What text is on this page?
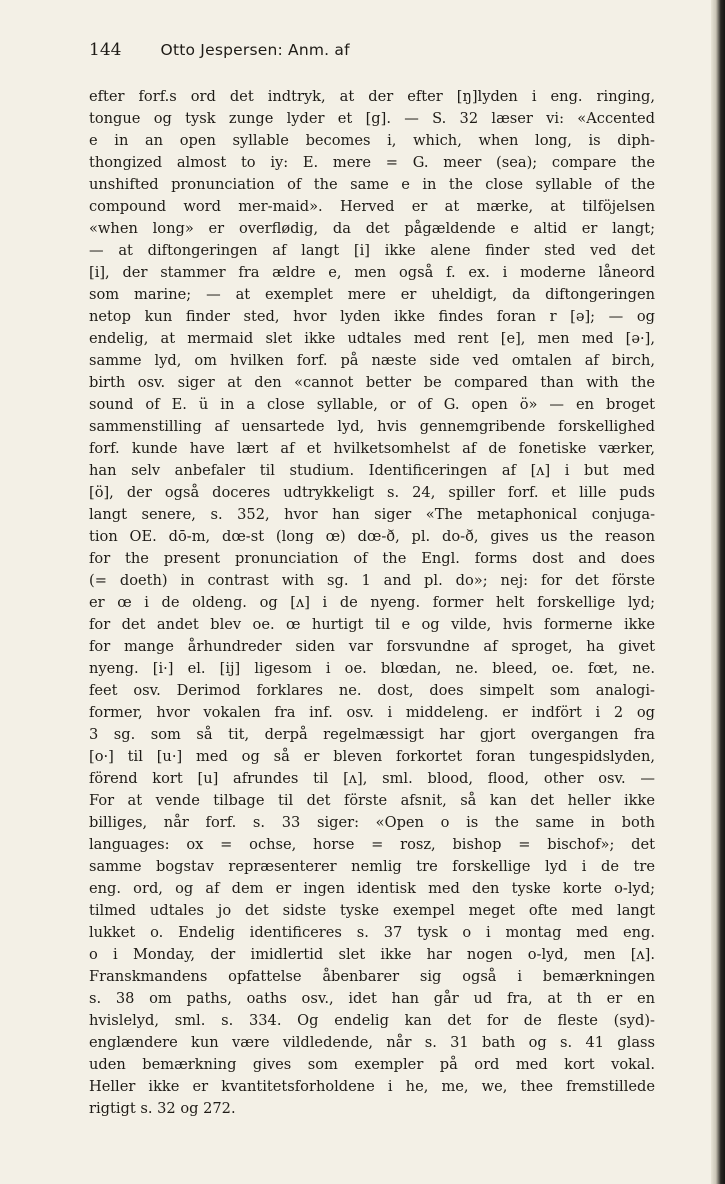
144	Otto Jespersen: Anm. af
efter forf.s ord det indtryk, at der efter [ŋ]lyden i eng. ringing,
tongue og tysk zunge lyder et [g]. — S. 32 læser vi: «Accented
e in an open syllable becomes i, which, when long, is diph-
thongized almost to iy: E. mere = G. meer (sea); compare the
unshifted pronunciation of the same e in the close syllable of the
compound word mer-maid». Herved er at mærke, at tilföjelsen
«when long» er overflødig, da det pågældende e altid er langt;
— at diftongeringen af langt [i] ikke alene finder sted ved det
[i], der stammer fra ældre e, men også f. ex. i moderne låneord
som marine; — at exemplet mere er uheldigt, da diftongeringen
netop kun finder sted, hvor lyden ikke findes foran r [ə]; — og
endelig, at mermaid slet ikke udtales med rent [e], men med [ə·],
samme lyd, om hvilken forf. på næste side ved omtalen af birch,
birth osv. siger at den «cannot better be compared than with the
sound of E. ü in a close syllable, or of G. open ö» — en broget
sammenstilling af uensartede lyd, hvis gennemgribende forskellighed
forf. kunde have lært af et hvilketsomhelst af de fonetiske værker,
han selv anbefaler til studium. Identificeringen af [ʌ] i but med
[ö], der også doceres udtrykkeligt s. 24, spiller forf. et lille puds
langt senere, s. 352, hvor han siger «The metaphonical conjuga-
tion OE. dō-m, dœ-st (long œ) dœ-ð, pl. do-ð, gives us the reason
for the present pronunciation of the Engl. forms dost and does
(= doeth) in contrast with sg. 1 and pl. do»; nej: for det förste
er œ i de oldeng. og [ʌ] i de nyeng. former helt forskellige lyd;
for det andet blev oe. œ hurtigt til e og vilde, hvis formerne ikke
for mange århundreder siden var forsvundne af sproget, ha givet
nyeng. [i·] el. [ij] ligesom i oe. blœdan, ne. bleed, oe. fœt, ne.
feet osv. Derimod forklares ne. dost, does simpelt som analogi-
former, hvor vokalen fra inf. osv. i middeleng. er indfört i 2 og
3 sg. som så tit, derpå regelmæssigt har gjort overgangen fra
[o·] til [u·] med og så er bleven forkortet foran tungespidslyden,
förend kort [u] afrundes til [ʌ], sml. blood, flood, other osv. —
For at vende tilbage til det förste afsnit, så kan det heller ikke
billiges, når forf. s. 33 siger: «Open o is the same in both
languages: ox = ochse, horse = rosz, bishop = bischof»; det
samme bogstav repræsenterer nemlig tre forskellige lyd i de tre
eng. ord, og af dem er ingen identisk med den tyske korte o-lyd;
tilmed udtales jo det sidste tyske exempel meget ofte med langt
lukket o. Endelig identificeres s. 37 tysk o i montag med eng.
o i Monday, der imidlertid slet ikke har nogen o-lyd, men [ʌ].
Franskmandens opfattelse åbenbarer sig også i bemærkningen
s. 38 om paths, oaths osv., idet han går ud fra, at th er en
hvislelyd, sml. s. 334. Og endelig kan det for de fleste (syd)-
englændere kun være vildledende, når s. 31 bath og s. 41 glass
uden bemærkning gives som exempler på ord med kort vokal.
Heller ikke er kvantitetsforholdene i he, me, we, thee fremstillede
rigtigt s. 32 og 272.
